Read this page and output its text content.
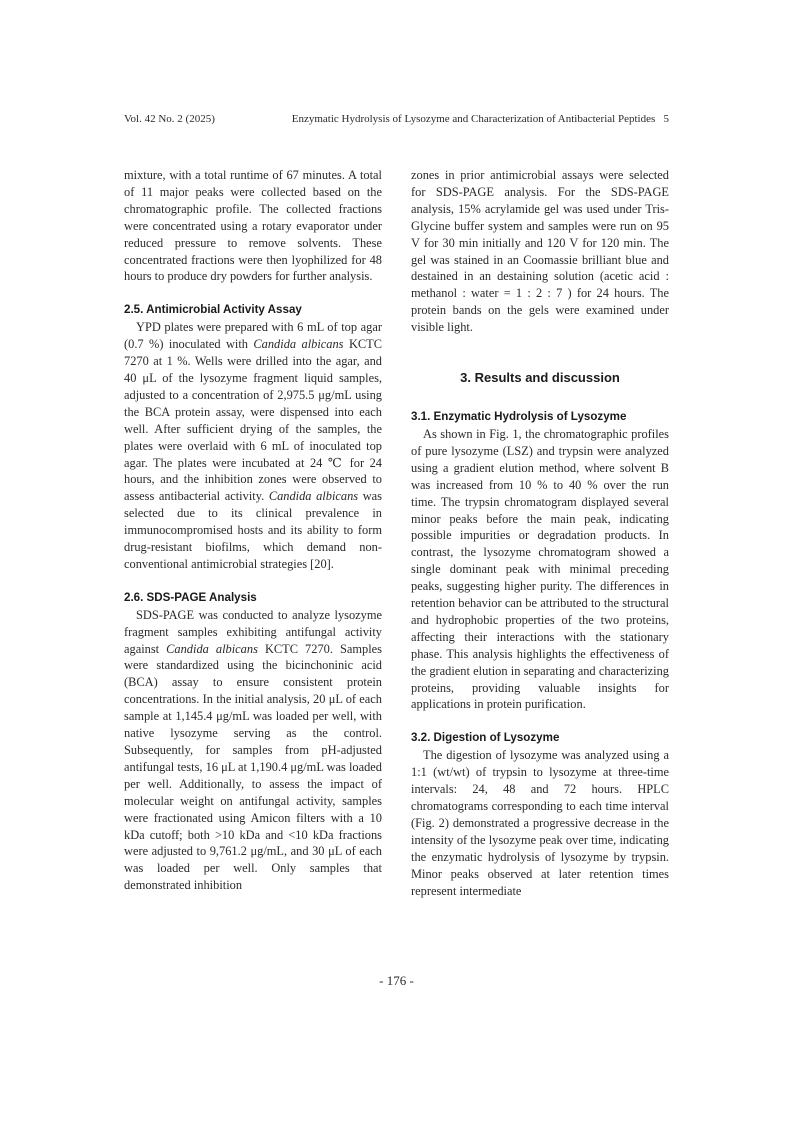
Vol. 42 No. 2 (2025)	Enzymatic Hydrolysis of Lysozyme and Characterization of Antibacterial Peptides   5

mixture, with a total runtime of 67 minutes. A total of 11 major peaks were collected based on the chromatographic profile. The collected fractions were concentrated using a rotary evaporator under reduced pressure to remove solvents. These concentrated fractions were then lyophilized for 48 hours to produce dry powders for further analysis.

2.5. Antimicrobial Activity Assay

YPD plates were prepared with 6 mL of top agar (0.7 %) inoculated with Candida albicans KCTC 7270 at 1 %. Wells were drilled into the agar, and 40 μL of the lysozyme fragment liquid samples, adjusted to a concentration of 2,975.5 μg/mL using the BCA protein assay, were dispensed into each well. After sufficient drying of the samples, the plates were overlaid with 6 mL of inoculated top agar. The plates were incubated at 24 ℃ for 24 hours, and the inhibition zones were observed to assess antibacterial activity. Candida albicans was selected due to its clinical prevalence in immunocompromised hosts and its ability to form drug-resistant biofilms, which demand non-conventional antimicrobial strategies [20].

2.6. SDS-PAGE Analysis

SDS-PAGE was conducted to analyze lysozyme fragment samples exhibiting antifungal activity against Candida albicans KCTC 7270. Samples were standardized using the bicinchoninic acid (BCA) assay to ensure consistent protein concentrations. In the initial analysis, 20 μL of each sample at 1,145.4 μg/mL was loaded per well, with native lysozyme serving as the control. Subsequently, for samples from pH-adjusted antifungal tests, 16 μL at 1,190.4 μg/mL was loaded per well. Additionally, to assess the impact of molecular weight on antifungal activity, samples were fractionated using Amicon filters with a 10 kDa cutoff; both >10 kDa and <10 kDa fractions were adjusted to 9,761.2 μg/mL, and 30 μL of each was loaded per well. Only samples that demonstrated inhibition

zones in prior antimicrobial assays were selected for SDS-PAGE analysis. For the SDS-PAGE analysis, 15% acrylamide gel was used under Tris-Glycine buffer system and samples were run on 95 V for 30 min initially and 120 V for 120 min. The gel was stained in an Coomassie brilliant blue and destained in an destaining solution (acetic acid : methanol : water = 1 : 2 : 7 ) for 24 hours. The protein bands on the gels were examined under visible light.

3. Results and discussion
3.1. Enzymatic Hydrolysis of Lysozyme

As shown in Fig. 1, the chromatographic profiles of pure lysozyme (LSZ) and trypsin were analyzed using a gradient elution method, where solvent B was increased from 10 % to 40 % over the run time. The trypsin chromatogram displayed several minor peaks before the main peak, indicating possible impurities or degradation products. In contrast, the lysozyme chromatogram showed a single dominant peak with minimal preceding peaks, suggesting higher purity. The differences in retention behavior can be attributed to the structural and hydrophobic properties of the two proteins, affecting their interactions with the stationary phase. This analysis highlights the effectiveness of the gradient elution in separating and characterizing proteins, providing valuable insights for applications in protein purification.

3.2. Digestion of Lysozyme

The digestion of lysozyme was analyzed using a 1:1 (wt/wt) of trypsin to lysozyme at three-time intervals: 24, 48 and 72 hours. HPLC chromatograms corresponding to each time interval (Fig. 2) demonstrated a progressive decrease in the intensity of the lysozyme peak over time, indicating the enzymatic hydrolysis of lysozyme by trypsin. Minor peaks observed at later retention times represent intermediate

- 176 -
